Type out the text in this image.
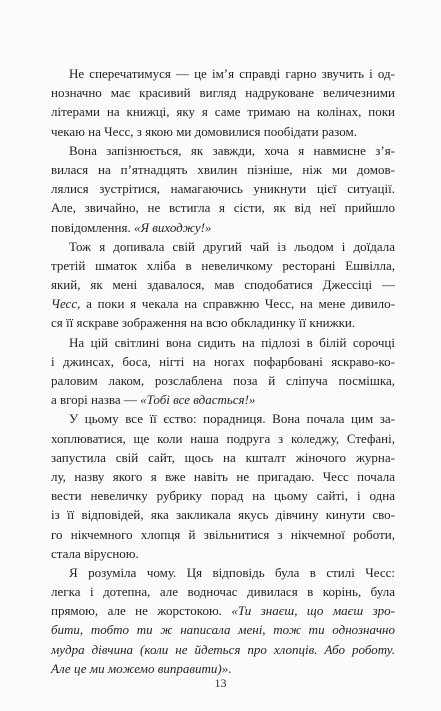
Не сперечатимуся — це ім’я справді гарно звучить і од-
нозначно має красивий вигляд надруковане величезними
літерами на книжці, яку я саме тримаю на колінах, поки
чекаю на Чесс, з якою ми домовилися пообідати разом.
Вона запізнюється, як завжди, хоча я навмисне з’я-
вилася на п’ятнадцять хвилин пізніше, ніж ми домов-
лялися зустрітися, намагаючись уникнути цієї ситуації.
Але, звичайно, не встигла я сісти, як від неї прийшло
повідомлення. «Я виходжу!»
Тож я допивала свій другий чай із льодом і доїдала
третій шматок хліба в невеличкому ресторані Ешвілла,
який, як мені здавалося, мав сподобатися Джессіці —
Чесс, а поки я чекала на справжню Чесс, на мене дивило-
ся її яскраве зображення на всю обкладинку її книжки.
На цій світлині вона сидить на підлозі в білій сорочці
і джинсах, боса, нігті на ногах пофарбовані яскраво-ко-
раловим лаком, розслаблена поза й сліпуча посмішка,
а вгорі назва — «Тобі все вдасться!»
У цьому все її єство: порадниця. Вона почала цим за-
хоплюватися, ще коли наша подруга з коледжу, Стефані,
запустила свій сайт, щось на кшталт жіночого журна-
лу, назву якого я вже навіть не пригадаю. Чесс почала
вести невеличку рубрику порад на цьому сайті, і одна
із її відповідей, яка закликала якусь дівчину кинути сво-
го нікчемного хлопця й звільнитися з нікчемної роботи,
стала вірусною.
Я розуміла чому. Ця відповідь була в стилі Чесс:
легка і дотепна, але водночас дивилася в корінь, була
прямою, але не жорстокою. «Ти знаєш, що маєш зро-
бити, тобто ти ж написала мені, тож ти однозначно
мудра дівчина (коли не йдеться про хлопців. Або роботу.
Але це ми можемо виправити)».
13
